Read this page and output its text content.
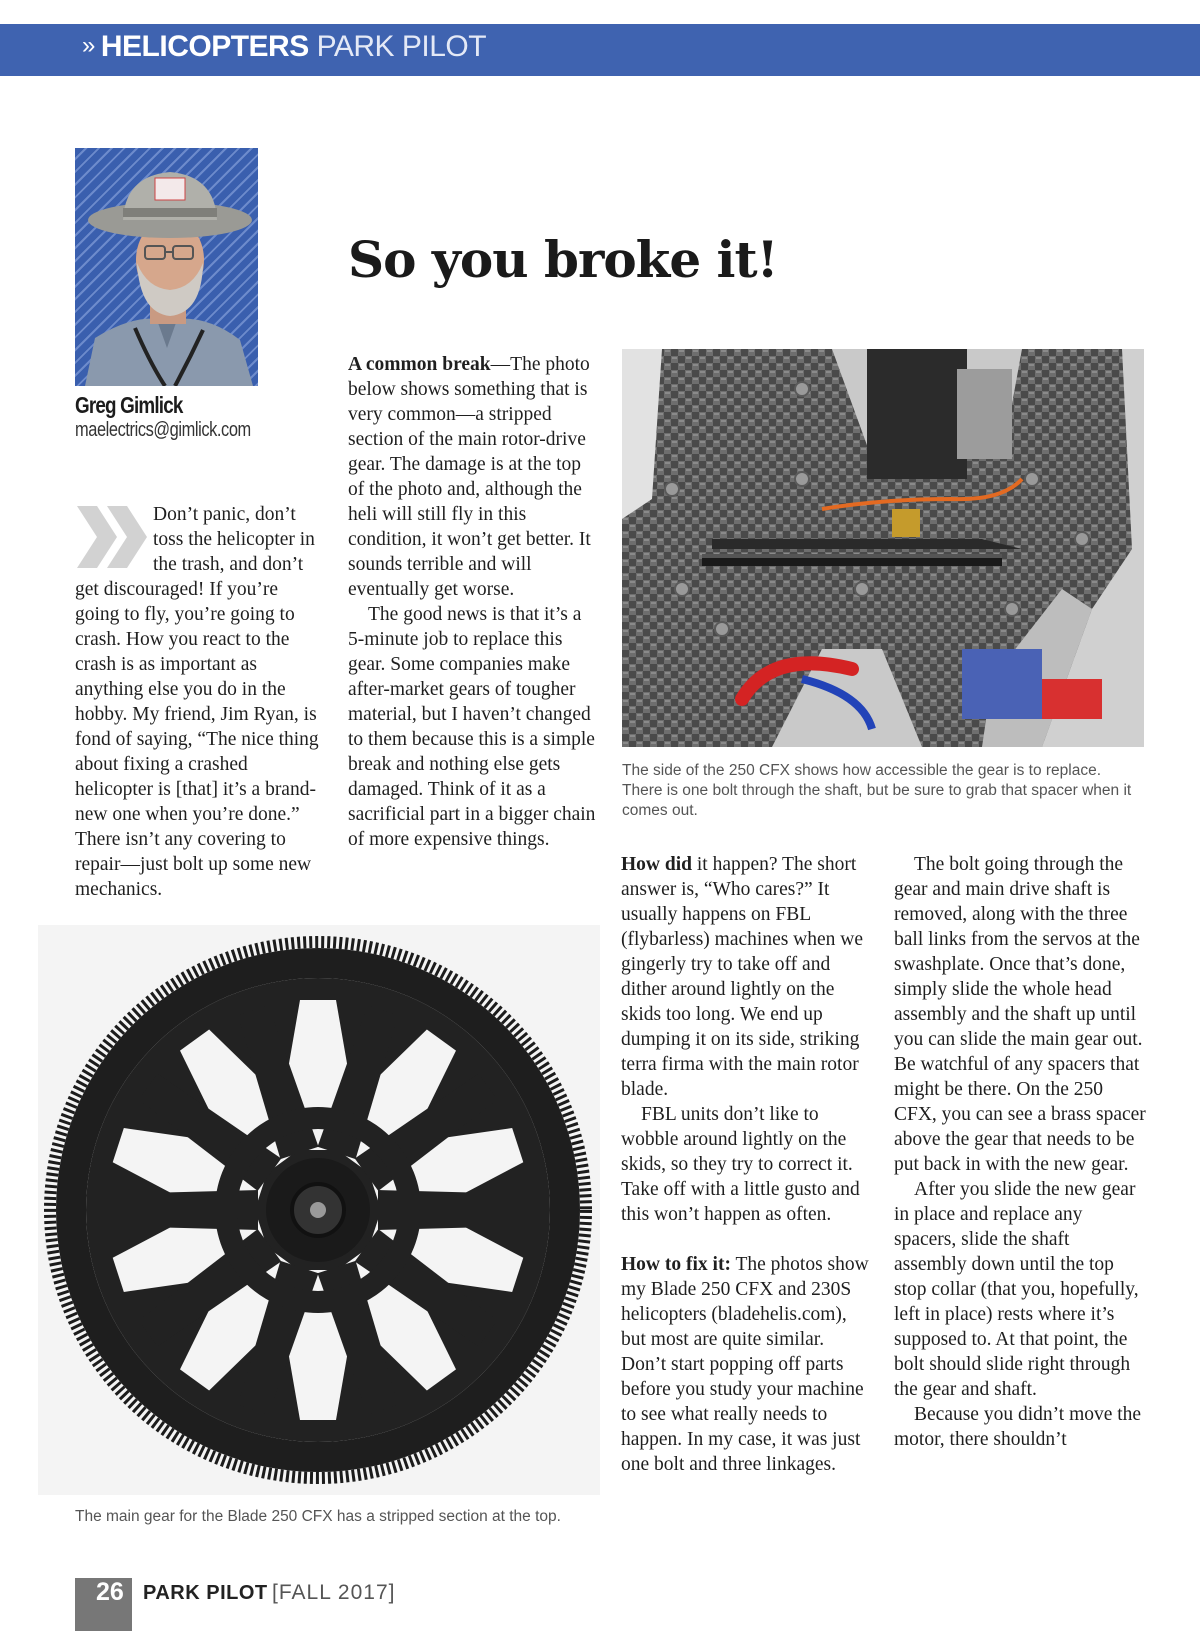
» HELICOPTERS PARK PILOT
Greg Gimlick
maelectrics@gimlick.com
So you broke it!

Don’t panic, don’t toss the helicopter in the trash, and don’t get discouraged! If you’re going to fly, you’re going to crash. How you react to the crash is as important as anything else you do in the hobby. My friend, Jim Ryan, is fond of saying, “The nice thing about fixing a crashed helicopter is [that] it’s a brand-new one when you’re done.” There isn’t any covering to repair—just bolt up some new mechanics.

A common break—The photo below shows something that is very common—a stripped section of the main rotor-drive gear. The damage is at the top of the photo and, although the heli will still fly in this condition, it won’t get better. It sounds terrible and will eventually get worse.

The good news is that it’s a 5-minute job to replace this gear. Some companies make after-market gears of tougher material, but I haven’t changed to them because this is a simple break and nothing else gets damaged. Think of it as a sacrificial part in a bigger chain of more expensive things.

The side of the 250 CFX shows how accessible the gear is to replace. There is one bolt through the shaft, but be sure to grab that spacer when it comes out.

How did it happen? The short answer is, “Who cares?” It usually happens on FBL (flybarless) machines when we gingerly try to take off and dither around lightly on the skids too long. We end up dumping it on its side, striking terra firma with the main rotor blade.

FBL units don’t like to wobble around lightly on the skids, so they try to correct it. Take off with a little gusto and this won’t happen as often.

How to fix it: The photos show my Blade 250 CFX and 230S helicopters (bladehelis.com), but most are quite similar. Don’t start popping off parts before you study your machine to see what really needs to happen. In my case, it was just one bolt and three linkages.

The bolt going through the gear and main drive shaft is removed, along with the three ball links from the servos at the swashplate. Once that’s done, simply slide the whole head assembly and the shaft up until you can slide the main gear out. Be watchful of any spacers that might be there. On the 250 CFX, you can see a brass spacer above the gear that needs to be put back in with the new gear.

After you slide the new gear in place and replace any spacers, slide the shaft assembly down until the top stop collar (that you, hopefully, left in place) rests where it’s supposed to. At that point, the bolt should slide right through the gear and shaft.

Because you didn’t move the motor, there shouldn’t

The main gear for the Blade 250 CFX has a stripped section at the top.
26 PARK PILOT [FALL 2017]
